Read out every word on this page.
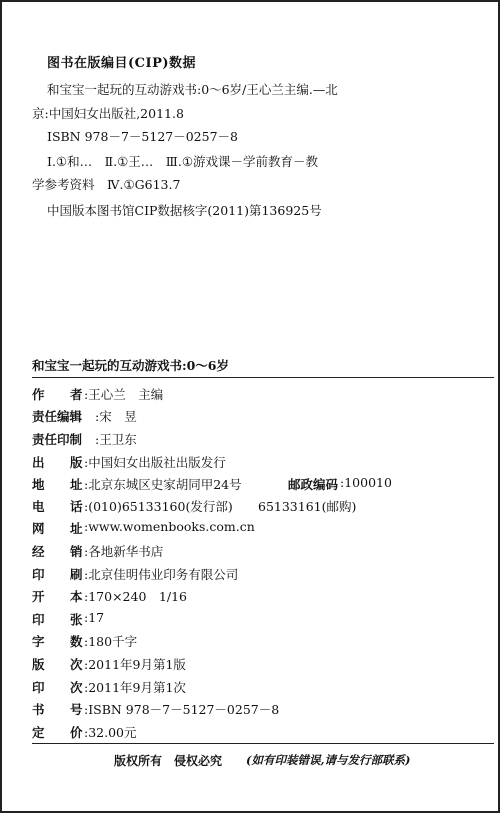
图书在版编目(CIP)数据
和宝宝一起玩的互动游戏书:0～6岁/王心兰主编.—北
京:中国妇女出版社,2011.8
ISBN 978－7－5127－0257－8
Ⅰ.①和…　Ⅱ.①王…　Ⅲ.①游戏课－学前教育－教
学参考资料　Ⅳ.①G613.7
中国版本图书馆CIP数据核字(2011)第136925号
和宝宝一起玩的互动游戏书:0～6岁
作 者 :王心兰　主编
责任编辑 :宋　昱
责任印制 :王卫东
出 版 :中国妇女出版社出版发行
地 址 :北京东城区史家胡同甲24号	邮政编码 :100010
电 话 :(010)65133160(发行部) 65133161(邮购)
网 址 :www.womenbooks.com.cn
经 销 :各地新华书店
印 刷 :北京佳明伟业印务有限公司
开 本 :170×240　1/16
印 张 :17
字 数 :180千字
版 次 :2011年9月第1版
印 次 :2011年9月第1次
书 号 :ISBN 978－7－5127－0257－8
定 价 :32.00元
版权所有　侵权必究 (如有印装错误,请与发行部联系)
